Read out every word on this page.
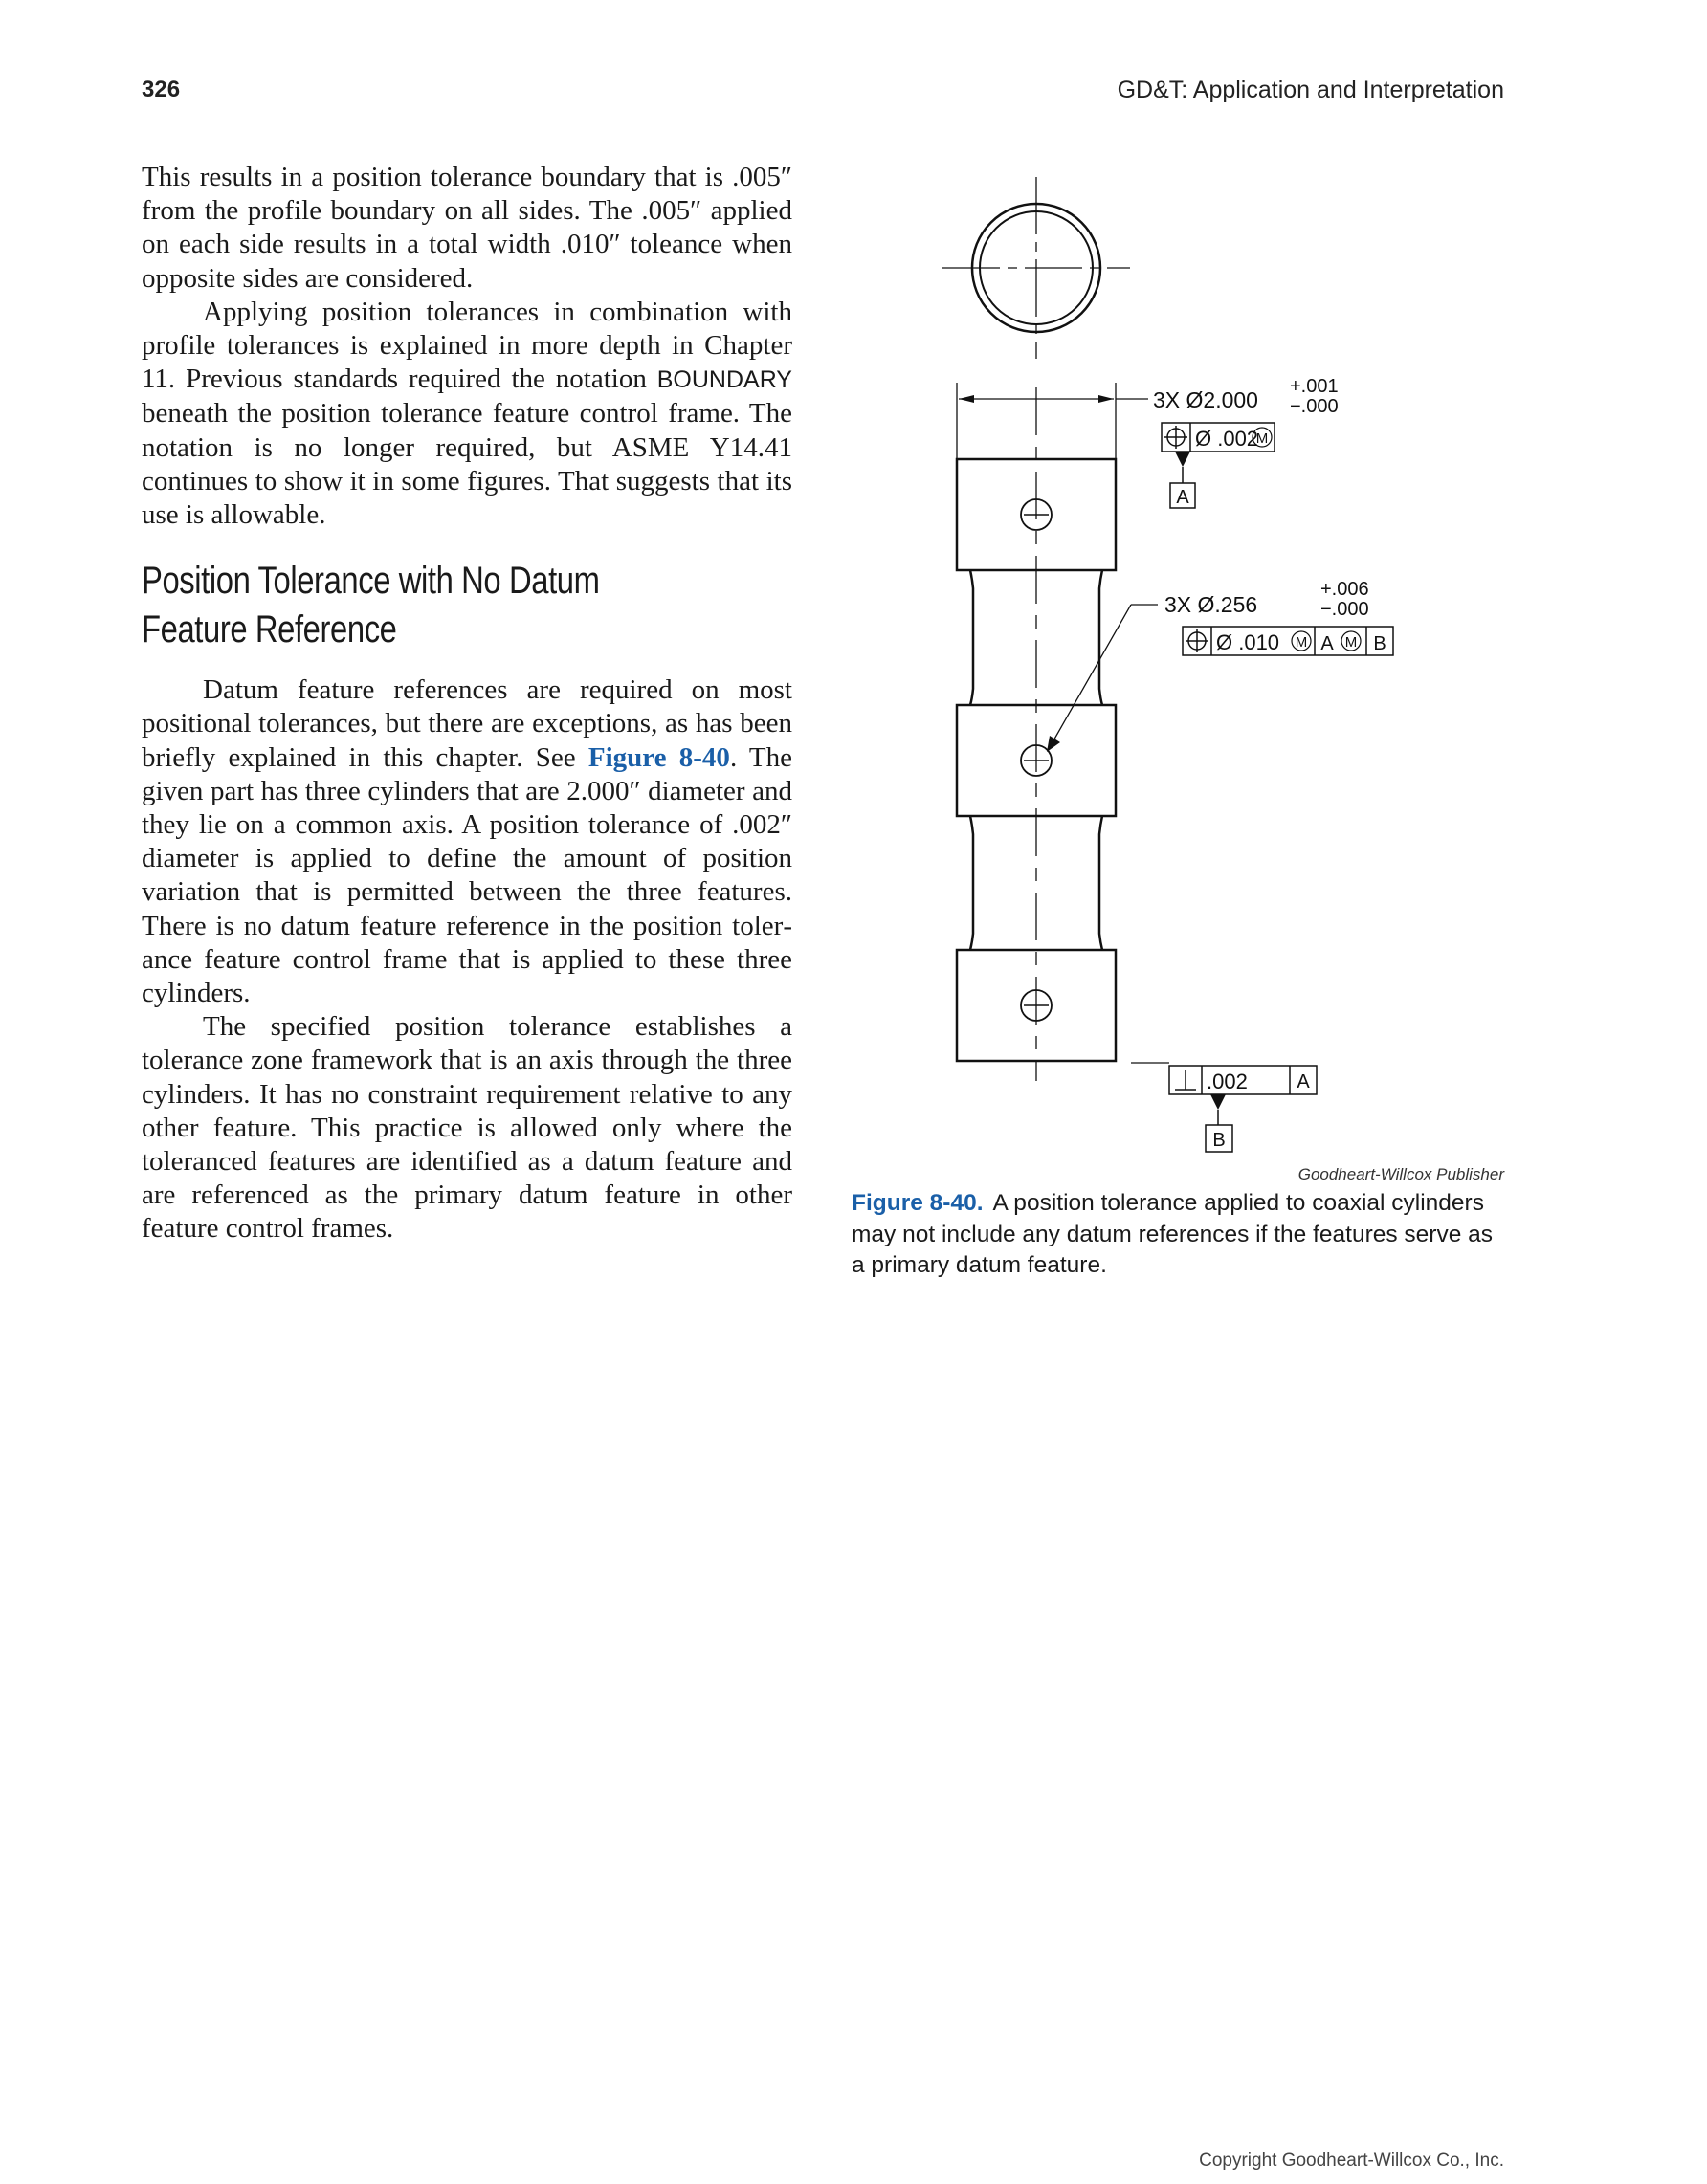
326	GD&T: Application and Interpretation

This results in a position tolerance boundary that is .005″ from the profile boundary on all sides. The .005″ applied on each side results in a total width .010″ toleance when opposite sides are considered.

Applying position tolerances in combination with profile tolerances is explained in more depth in Chapter 11. Previous standards required the notation BOUNDARY beneath the position tolerance feature control frame. The notation is no longer required, but ASME Y14.41 continues to show it in some figures. That suggests that its use is allowable.

Position Tolerance with No Datum
Feature Reference

Datum feature references are required on most positional tolerances, but there are exceptions, as has been briefly explained in this chapter. See Figure 8-40. The given part has three cylinders that are 2.000″ diameter and they lie on a common axis. A position tolerance of .002″ diameter is applied to define the amount of position variation that is permitted between the three features. There is no datum feature reference in the position tolerance feature control frame that is applied to these three cylinders.

The specified position tolerance establishes a tolerance zone framework that is an axis through the three cylinders. It has no constraint requirement relative to any other feature. This practice is allowed only where the toleranced features are identified as a datum feature and are referenced as the primary datum feature in other feature control frames.

3X Ø2.000
+.001
−.000
Ø .002
M
A
3X Ø.256
+.006
−.000
Ø .010 M A M B
.002	A
B
Goodheart-Willcox Publisher
Figure 8-40. A position tolerance applied to coaxial cylinders may not include any datum references if the features serve as a primary datum feature.
Copyright Goodheart-Willcox Co., Inc.
